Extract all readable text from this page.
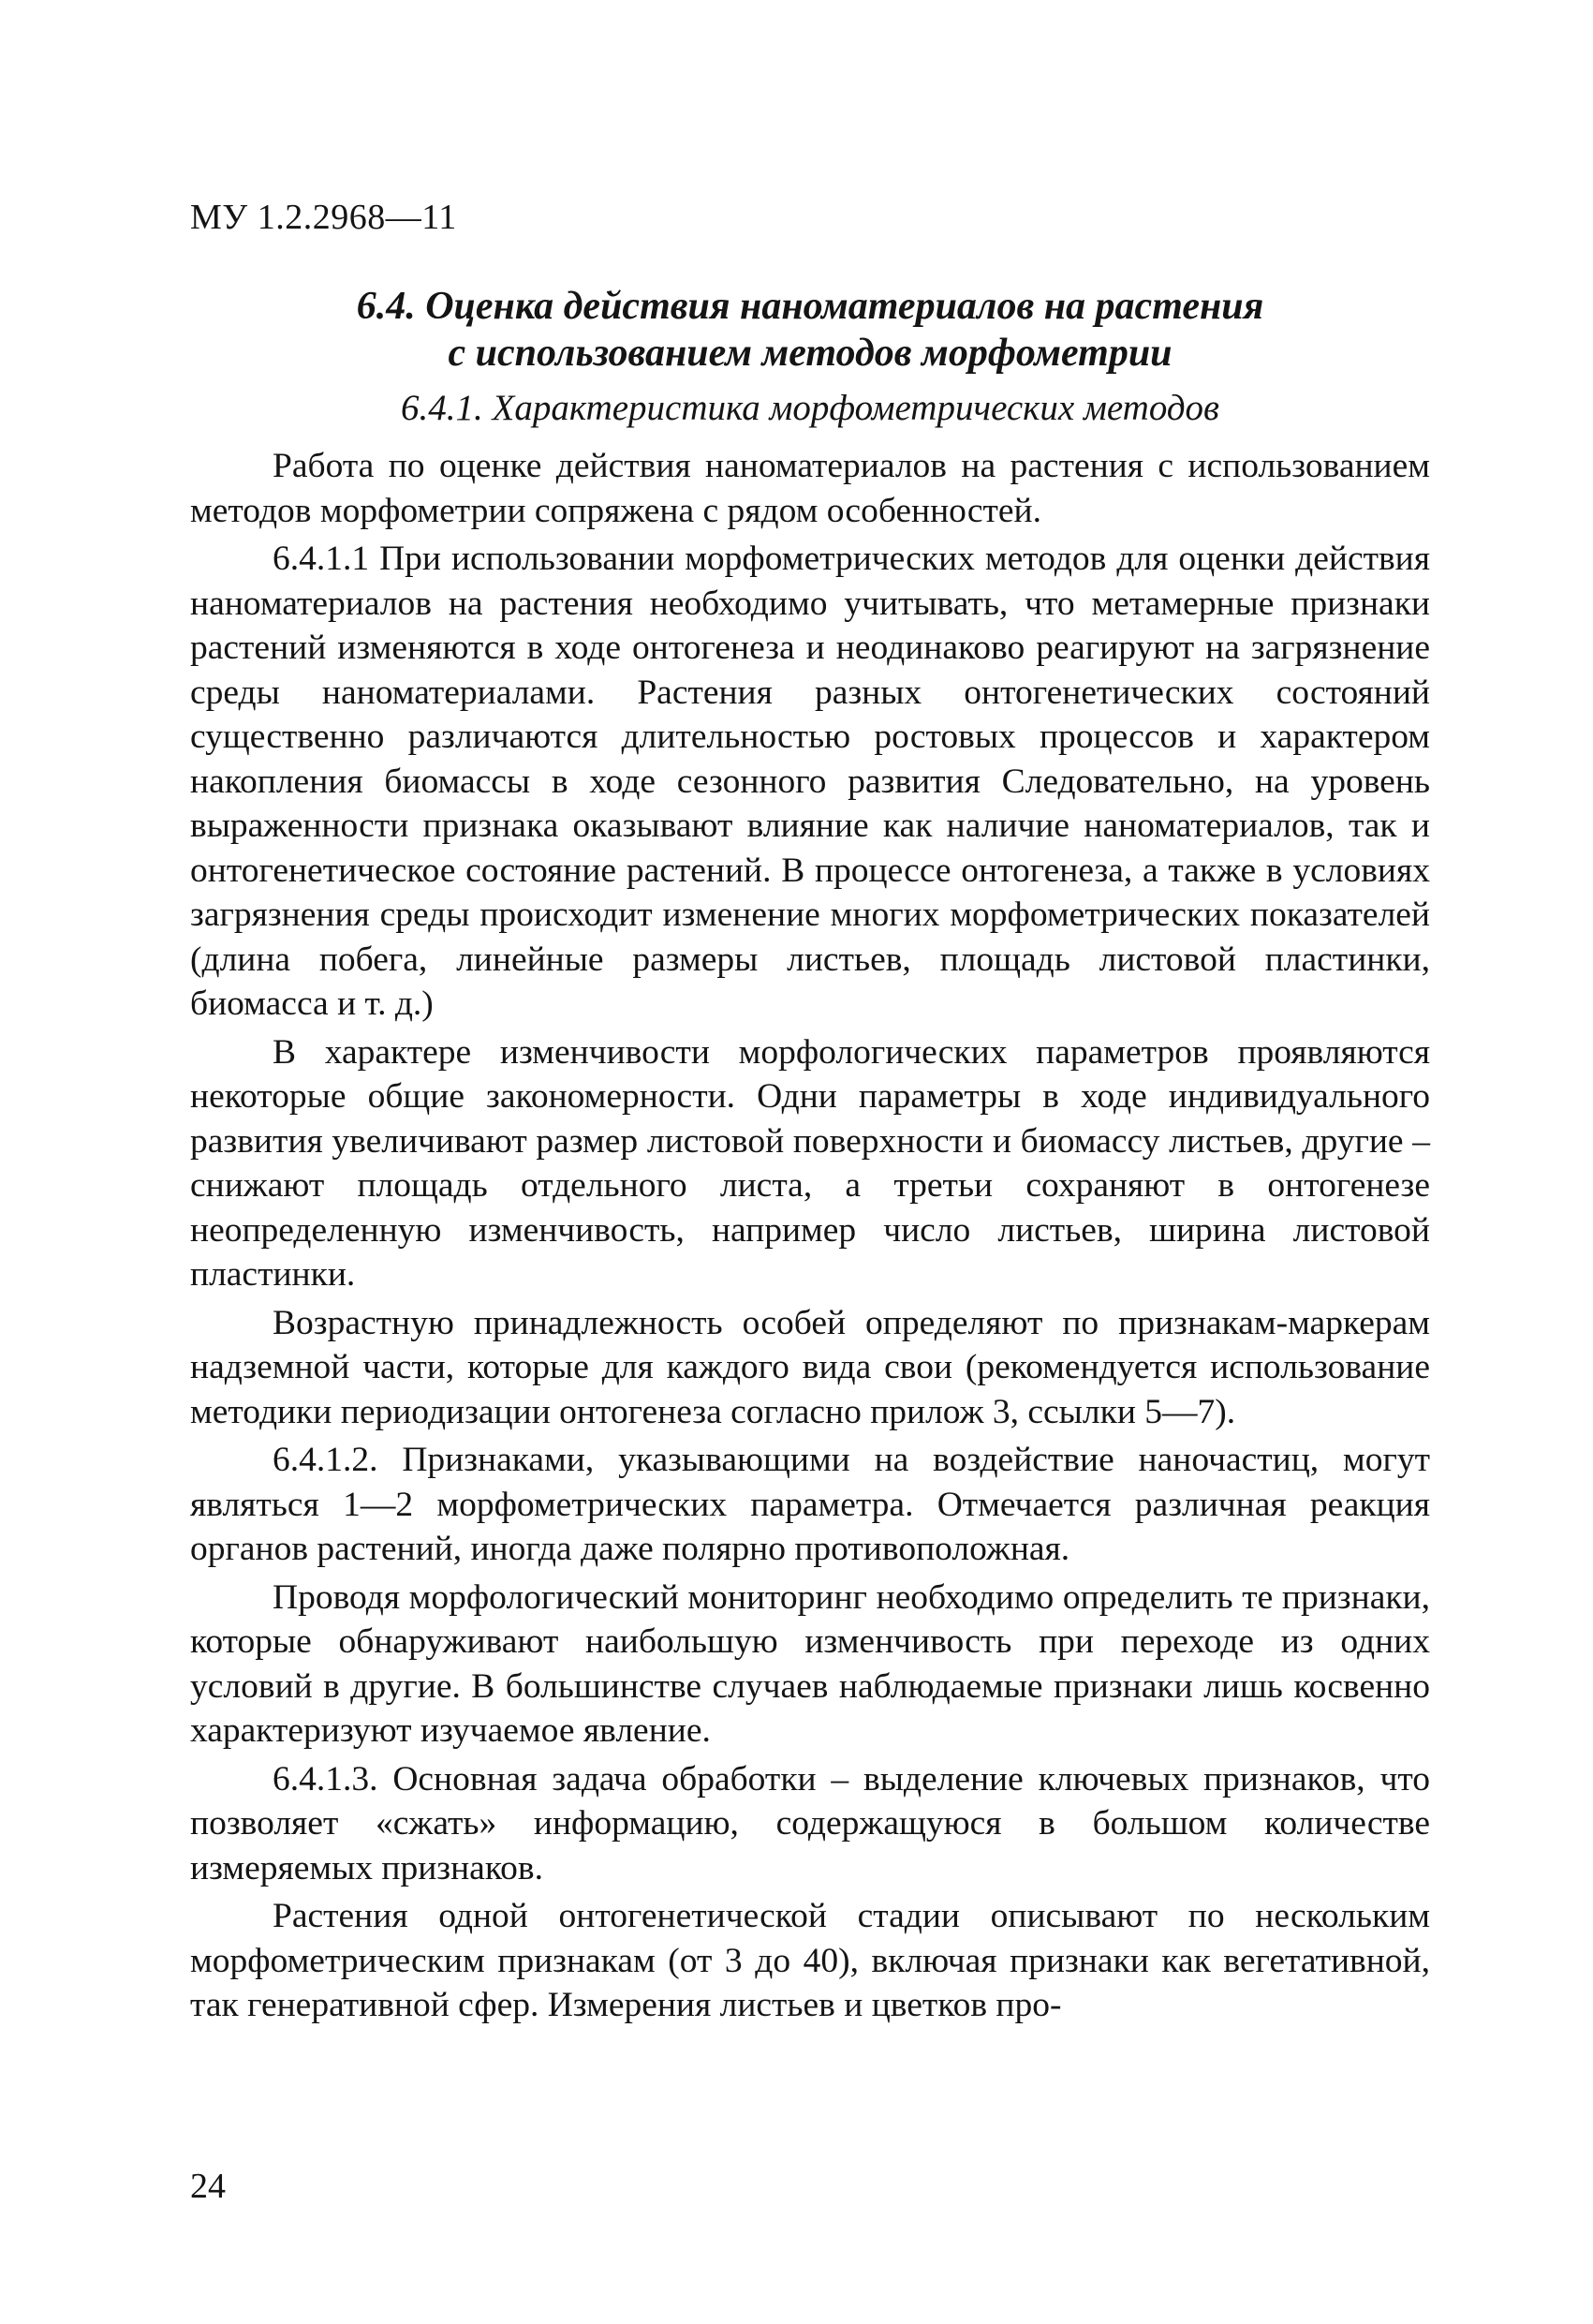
МУ 1.2.2968—11
6.4. Оценка действия наноматериалов на растения
с использованием методов морфометрии
6.4.1. Характеристика морфометрических методов

Работа по оценке действия наноматериалов на растения с использованием методов морфометрии сопряжена с рядом особенностей.

6.4.1.1 При использовании морфометрических методов для оценки действия наноматериалов на растения необходимо учитывать, что метамерные признаки растений изменяются в ходе онтогенеза и неодинаково реагируют на загрязнение среды наноматериалами. Растения разных онтогенетических состояний существенно различаются длительностью ростовых процессов и характером накопления биомассы в ходе сезонного развития Следовательно, на уровень выраженности признака оказывают влияние как наличие наноматериалов, так и онтогенетическое состояние растений. В процессе онтогенеза, а также в условиях загрязнения среды происходит изменение многих морфометрических показателей (длина побега, линейные размеры листьев, площадь листовой пластинки, биомасса и т. д.)

В характере изменчивости морфологических параметров проявляются некоторые общие закономерности. Одни параметры в ходе индивидуального развития увеличивают размер листовой поверхности и биомассу листьев, другие – снижают площадь отдельного листа, а третьи сохраняют в онтогенезе неопределенную изменчивость, например число листьев, ширина листовой пластинки.

Возрастную принадлежность особей определяют по признакам-маркерам надземной части, которые для каждого вида свои (рекомендуется использование методики периодизации онтогенеза согласно прилож 3, ссылки 5—7).

6.4.1.2. Признаками, указывающими на воздействие наночастиц, могут являться 1—2 морфометрических параметра. Отмечается различная реакция органов растений, иногда даже полярно противоположная.

Проводя морфологический мониторинг необходимо определить те признаки, которые обнаруживают наибольшую изменчивость при переходе из одних условий в другие. В большинстве случаев наблюдаемые признаки лишь косвенно характеризуют изучаемое явление.

6.4.1.3. Основная задача обработки – выделение ключевых признаков, что позволяет «сжать» информацию, содержащуюся в большом количестве измеряемых признаков.

Растения одной онтогенетической стадии описывают по нескольким морфометрическим признакам (от 3 до 40), включая признаки как вегетативной, так генеративной сфер. Измерения листьев и цветков про-

24
